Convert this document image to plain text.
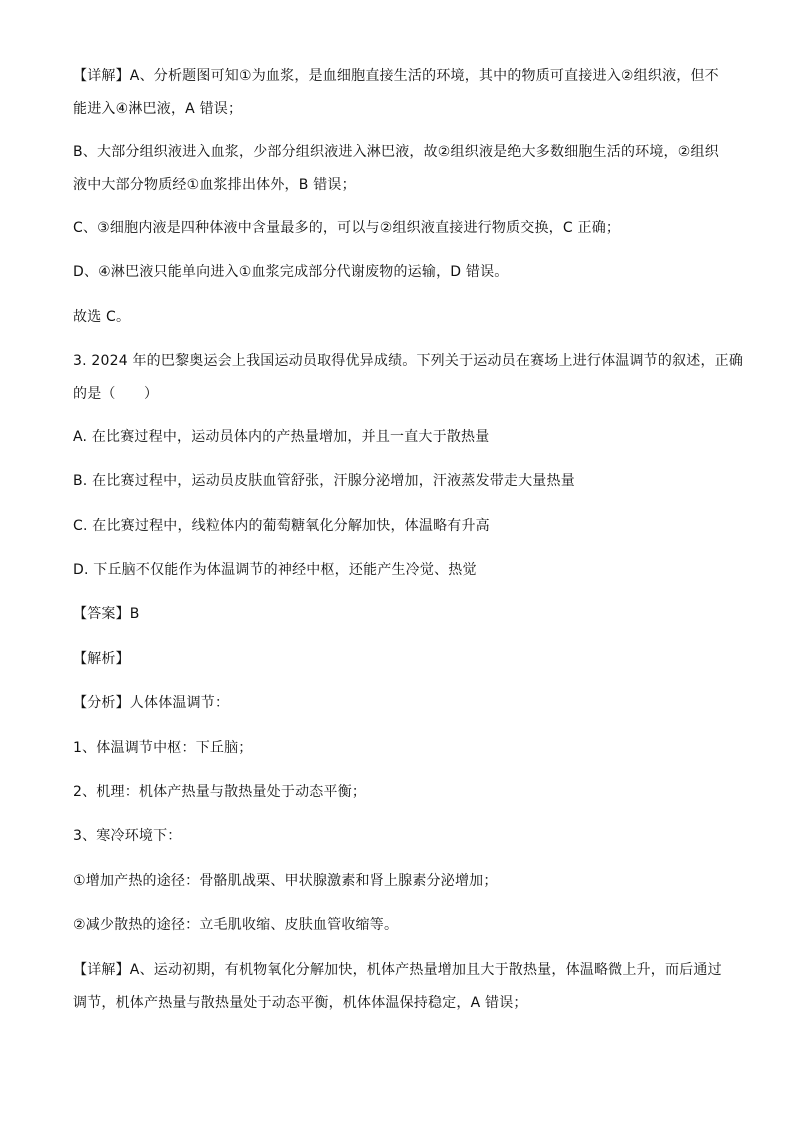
【详解】A、分析题图可知①为血浆，是血细胞直接生活的环境，其中的物质可直接进入②组织液，但不
能进入④淋巴液，A 错误；
B、大部分组织液进入血浆，少部分组织液进入淋巴液，故②组织液是绝大多数细胞生活的环境，②组织
液中大部分物质经①血浆排出体外，B 错误；
C、③细胞内液是四种体液中含量最多的，可以与②组织液直接进行物质交换，C 正确；
D、④淋巴液只能单向进入①血浆完成部分代谢废物的运输，D 错误。
故选 C。
3. 2024 年的巴黎奥运会上我国运动员取得优异成绩。下列关于运动员在赛场上进行体温调节的叙述，正确
的是（　　）
A. 在比赛过程中，运动员体内的产热量增加，并且一直大于散热量
B. 在比赛过程中，运动员皮肤血管舒张，汗腺分泌增加，汗液蒸发带走大量热量
C. 在比赛过程中，线粒体内的葡萄糖氧化分解加快，体温略有升高
D. 下丘脑不仅能作为体温调节的神经中枢，还能产生冷觉、热觉
【答案】B
【解析】
【分析】人体体温调节：
1、体温调节中枢：下丘脑；
2、机理：机体产热量与散热量处于动态平衡；
3、寒冷环境下：
①增加产热的途径：骨骼肌战栗、甲状腺激素和肾上腺素分泌增加；
②减少散热的途径：立毛肌收缩、皮肤血管收缩等。
【详解】A、运动初期，有机物氧化分解加快，机体产热量增加且大于散热量，体温略微上升，而后通过
调节，机体产热量与散热量处于动态平衡，机体体温保持稳定，A 错误；
